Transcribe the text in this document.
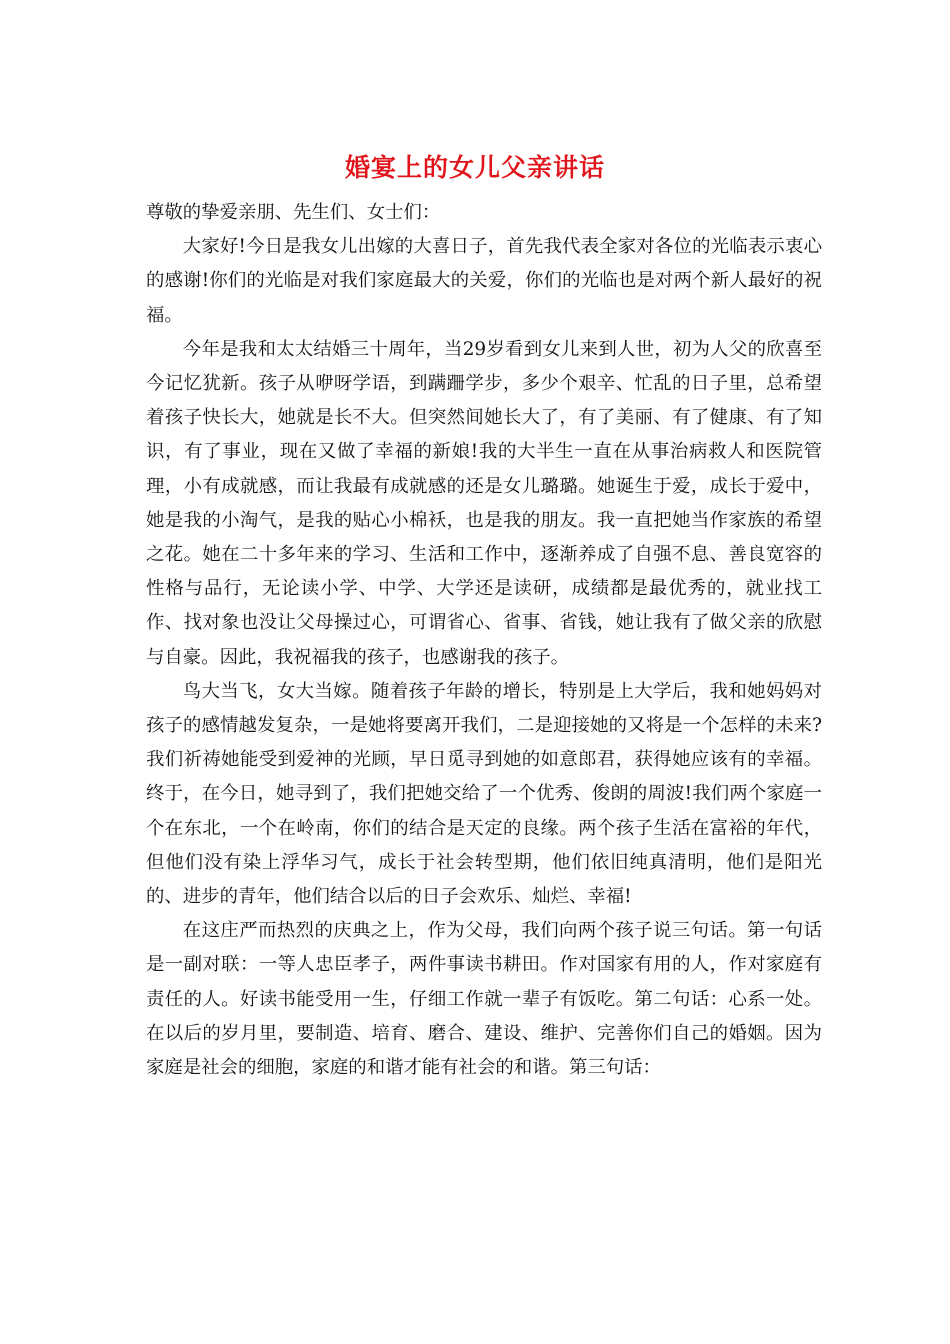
婚宴上的女儿父亲讲话

尊敬的挚爱亲朋、先生们、女士们：

大家好!今日是我女儿出嫁的大喜日子，首先我代表全家对各位的光临表示衷心的感谢!你们的光临是对我们家庭最大的关爱，你们的光临也是对两个新人最好的祝福。

今年是我和太太结婚三十周年，当29岁看到女儿来到人世，初为人父的欣喜至今记忆犹新。孩子从咿呀学语，到蹒跚学步，多少个艰辛、忙乱的日子里，总希望着孩子快长大，她就是长不大。但突然间她长大了，有了美丽、有了健康、有了知识，有了事业，现在又做了幸福的新娘!我的大半生一直在从事治病救人和医院管理，小有成就感，而让我最有成就感的还是女儿璐璐。她诞生于爱，成长于爱中，她是我的小淘气，是我的贴心小棉袄，也是我的朋友。我一直把她当作家族的希望之花。她在二十多年来的学习、生活和工作中，逐渐养成了自强不息、善良宽容的性格与品行，无论读小学、中学、大学还是读研，成绩都是最优秀的，就业找工作、找对象也没让父母操过心，可谓省心、省事、省钱，她让我有了做父亲的欣慰与自豪。因此，我祝福我的孩子，也感谢我的孩子。

鸟大当飞，女大当嫁。随着孩子年龄的增长，特别是上大学后，我和她妈妈对孩子的感情越发复杂，一是她将要离开我们，二是迎接她的又将是一个怎样的未来?我们祈祷她能受到爱神的光顾，早日觅寻到她的如意郎君，获得她应该有的幸福。终于，在今日，她寻到了，我们把她交给了一个优秀、俊朗的周波!我们两个家庭一个在东北，一个在岭南，你们的结合是天定的良缘。两个孩子生活在富裕的年代，但他们没有染上浮华习气，成长于社会转型期，他们依旧纯真清明，他们是阳光的、进步的青年，他们结合以后的日子会欢乐、灿烂、幸福!

在这庄严而热烈的庆典之上，作为父母，我们向两个孩子说三句话。第一句话是一副对联：一等人忠臣孝子，两件事读书耕田。作对国家有用的人，作对家庭有责任的人。好读书能受用一生，仔细工作就一辈子有饭吃。第二句话：心系一处。在以后的岁月里，要制造、培育、磨合、建设、维护、完善你们自己的婚姻。因为家庭是社会的细胞，家庭的和谐才能有社会的和谐。第三句话：
